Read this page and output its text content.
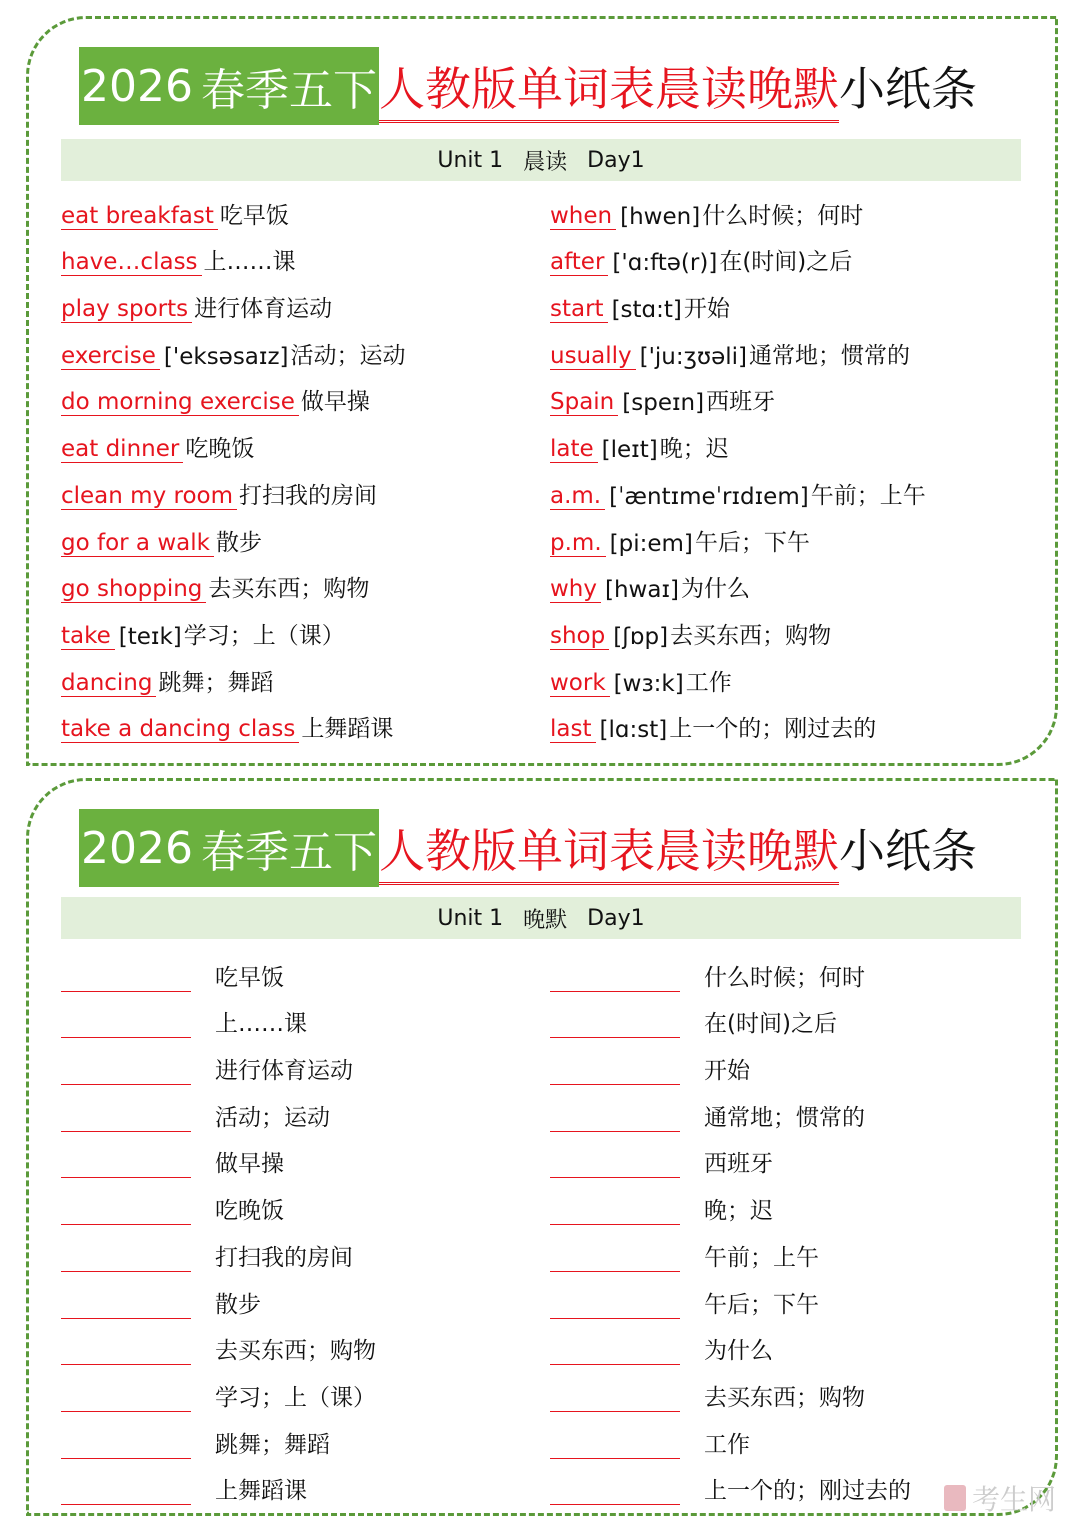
2026 春季五下 人教版单词表晨读晚默 小纸条
Unit 1 晨读 Day1
eat breakfast 吃早饭
have…class 上……课
play sports 进行体育运动
exercise ['eksəsaɪz] 活动；运动
do morning exercise 做早操
eat dinner 吃晚饭
clean my room 打扫我的房间
go for a walk 散步
go shopping 去买东西；购物
take [teɪk] 学习；上（课）
dancing 跳舞；舞蹈
take a dancing class 上舞蹈课
when [hwen] 什么时候；何时
after ['ɑ:ftə(r)] 在(时间)之后
start [stɑ:t] 开始
usually ['ju:ʒʊəli] 通常地；惯常的
Spain [speɪn] 西班牙
late [leɪt] 晚；迟
a.m. [ˈæntɪmeˈrɪdɪem] 午前；上午
p.m. [pi:em] 午后；下午
why [hwaɪ] 为什么
shop [ʃɒp] 去买东西；购物
work [wɜ:k] 工作
last [lɑ:st] 上一个的；刚过去的
2026 春季五下 人教版单词表晨读晚默 小纸条
Unit 1 晚默 Day1
吃早饭
上……课
进行体育运动
活动；运动
做早操
吃晚饭
打扫我的房间
散步
去买东西；购物
学习；上（课）
跳舞；舞蹈
上舞蹈课
什么时候；何时
在(时间)之后
开始
通常地；惯常的
西班牙
晚；迟
午前；上午
午后；下午
为什么
去买东西；购物
工作
上一个的；刚过去的 考生网
